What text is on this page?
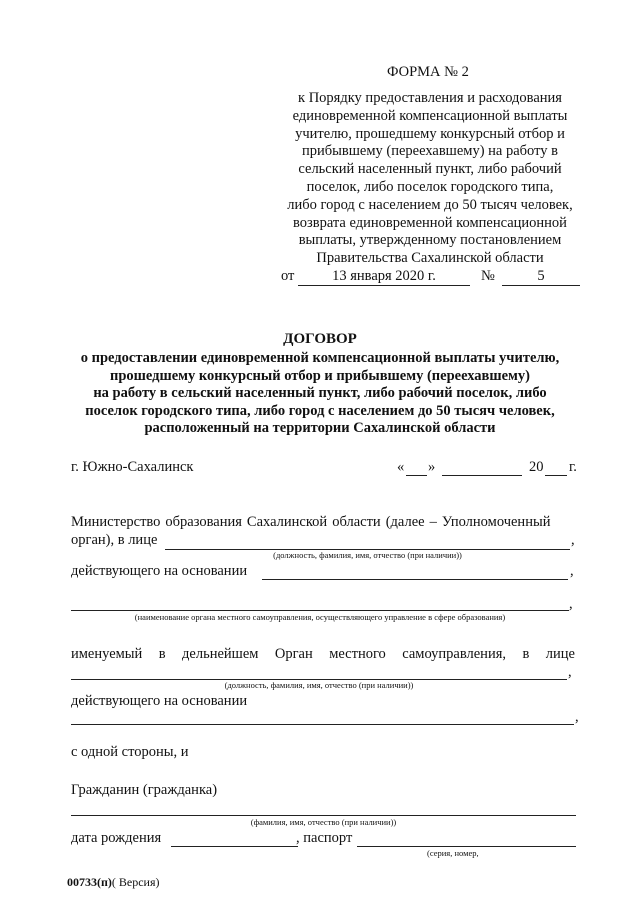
ФОРМА № 2
к Порядку предоставления и расходования
единовременной компенсационной выплаты
учителю, прошедшему конкурсный отбор и
прибывшему (переехавшему) на работу в
сельский населенный пункт, либо рабочий
поселок, либо поселок городского типа,
либо город с населением до 50 тысяч человек,
возврата единовременной компенсационной
выплаты, утвержденному постановлением
Правительства Сахалинской области
от	13 января 2020 г.	№	5
ДОГОВОР
о предоставлении единовременной компенсационной выплаты учителю,
прошедшему конкурсный отбор и прибывшему (переехавшему)
на работу в сельский населенный пункт, либо рабочий поселок, либо
поселок городского типа, либо город с населением до 50 тысяч человек,
расположенный на территории Сахалинской области
г. Южно-Сахалинск	« »	20 г.
Министерство образования Сахалинской области (далее – Уполномоченный
орган), в лице	,
(должность, фамилия, имя, отчество (при наличии))
действующего на основании	,
,
(наименование органа местного самоуправления, осуществляющего управление в сфере образования)
именуемый в дельнейшем Орган местного самоуправления, в лице
,
(должность, фамилия, имя, отчество (при наличии))
действующего на основании
,
с одной стороны, и
Гражданин (гражданка)
(фамилия, имя, отчество (при наличии))
дата рождения	, паспорт
(серия, номер,
00733(п)( Версия)
